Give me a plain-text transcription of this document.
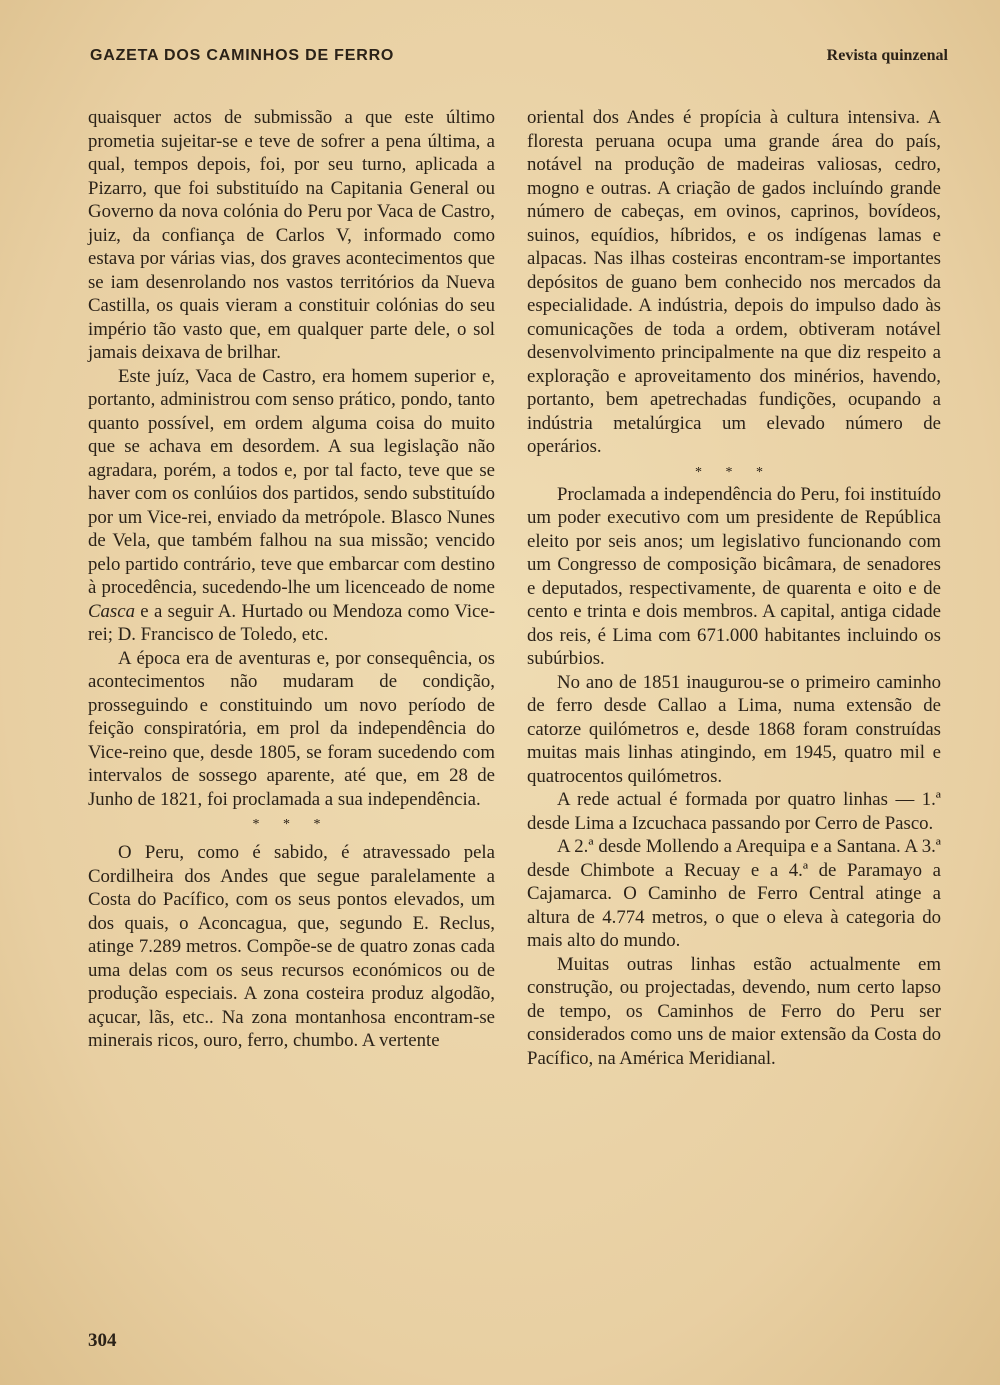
GAZETA DOS CAMINHOS DE FERRO	Revista quinzenal

quaisquer actos de submissão a que este último prometia sujeitar-se e teve de sofrer a pena última, a qual, tempos depois, foi, por seu turno, aplicada a Pizarro, que foi substituído na Capitania General ou Governo da nova colónia do Peru por Vaca de Castro, juiz, da confiança de Carlos V, informado como estava por várias vias, dos graves acontecimentos que se iam desenrolando nos vastos territórios da Nueva Castilla, os quais vieram a constituir colónias do seu império tão vasto que, em qualquer parte dele, o sol jamais deixava de brilhar.

Este juíz, Vaca de Castro, era homem superior e, portanto, administrou com senso prático, pondo, tanto quanto possível, em ordem alguma coisa do muito que se achava em desordem. A sua legislação não agradara, porém, a todos e, por tal facto, teve que se haver com os conlúios dos partidos, sendo substituído por um Vice-rei, enviado da metrópole. Blasco Nunes de Vela, que também falhou na sua missão; vencido pelo partido contrário, teve que embarcar com destino à procedência, sucedendo-lhe um licenceado de nome Casca e a seguir A. Hurtado ou Mendoza como Vice-rei; D. Francisco de Toledo, etc.

A época era de aventuras e, por consequência, os acontecimentos não mudaram de condição, prosseguindo e constituindo um novo período de feição conspiratória, em prol da independência do Vice-reino que, desde 1805, se foram sucedendo com intervalos de sossego aparente, até que, em 28 de Junho de 1821, foi proclamada a sua independência.

* * *

O Peru, como é sabido, é atravessado pela Cordilheira dos Andes que segue paralelamente a Costa do Pacífico, com os seus pontos elevados, um dos quais, o Aconcagua, que, segundo E. Reclus, atinge 7.289 metros. Compõe-se de quatro zonas cada uma delas com os seus recursos económicos ou de produção especiais. A zona costeira produz algodão, açucar, lãs, etc.. Na zona montanhosa encontram-se minerais ricos, ouro, ferro, chumbo. A vertente

oriental dos Andes é propícia à cultura intensiva. A floresta peruana ocupa uma grande área do país, notável na produção de madeiras valiosas, cedro, mogno e outras. A criação de gados incluíndo grande número de cabeças, em ovinos, caprinos, bovídeos, suinos, equídios, híbridos, e os indígenas lamas e alpacas. Nas ilhas costeiras encontram-se importantes depósitos de guano bem conhecido nos mercados da especialidade. A indústria, depois do impulso dado às comunicações de toda a ordem, obtiveram notável desenvolvimento principalmente na que diz respeito a exploração e aproveitamento dos minérios, havendo, portanto, bem apetrechadas fundições, ocupando a indústria metalúrgica um elevado número de operários.

* * *

Proclamada a independência do Peru, foi instituído um poder executivo com um presidente de República eleito por seis anos; um legislativo funcionando com um Congresso de composição bicâmara, de senadores e deputados, respectivamente, de quarenta e oito e de cento e trinta e dois membros. A capital, antiga cidade dos reis, é Lima com 671.000 habitantes incluindo os subúrbios.

No ano de 1851 inaugurou-se o primeiro caminho de ferro desde Callao a Lima, numa extensão de catorze quilómetros e, desde 1868 foram construídas muitas mais linhas atingindo, em 1945, quatro mil e quatrocentos quilómetros.

A rede actual é formada por quatro linhas — 1.ª desde Lima a Izcuchaca passando por Cerro de Pasco.

A 2.ª desde Mollendo a Arequipa e a Santana. A 3.ª desde Chimbote a Recuay e a 4.ª de Paramayo a Cajamarca. O Caminho de Ferro Central atinge a altura de 4.774 metros, o que o eleva à categoria do mais alto do mundo.

Muitas outras linhas estão actualmente em construção, ou projectadas, devendo, num certo lapso de tempo, os Caminhos de Ferro do Peru ser considerados como uns de maior extensão da Costa do Pacífico, na América Meridianal.

304
